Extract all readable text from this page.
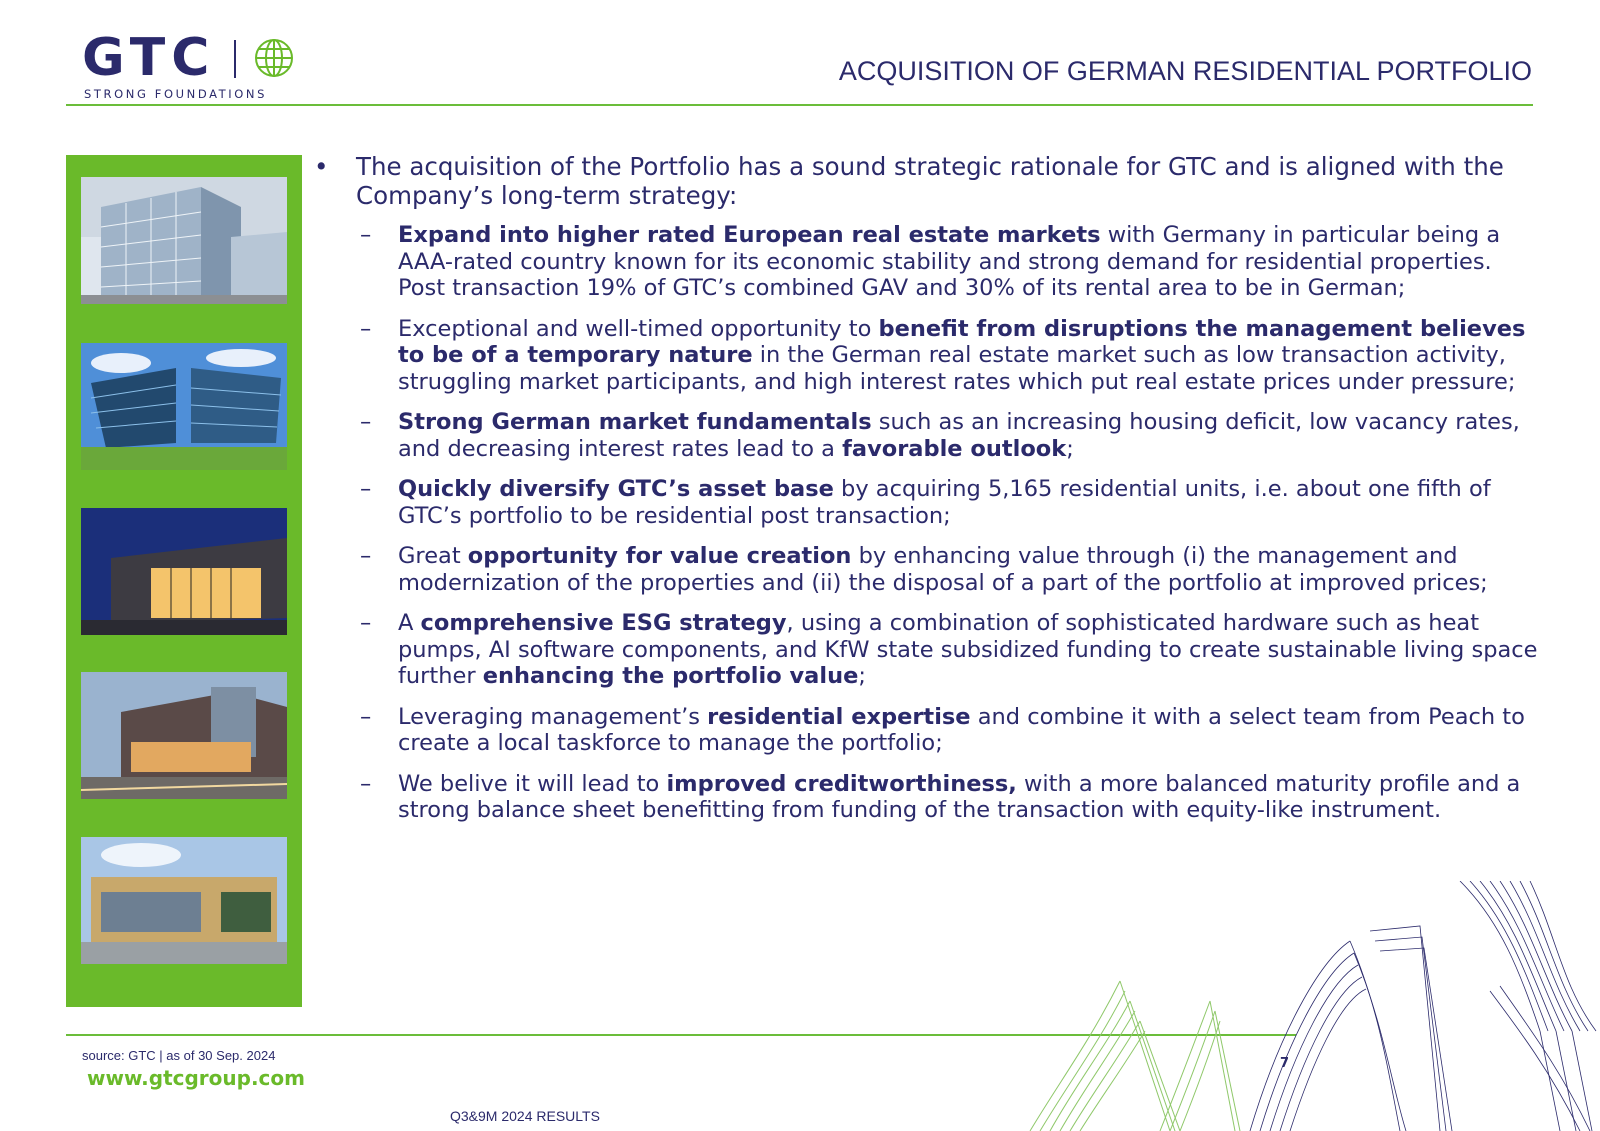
GTC
STRONG FOUNDATIONS
ACQUISITION OF GERMAN RESIDENTIAL PORTFOLIO
• The acquisition of the Portfolio has a sound strategic rationale for GTC and is aligned with the Company’s long-term strategy:
– Expand into higher rated European real estate markets with Germany in particular being a AAA-rated country known for its economic stability and strong demand for residential properties. Post transaction 19% of GTC’s combined GAV and 30% of its rental area to be in German;
– Exceptional and well-timed opportunity to benefit from disruptions the management believes to be of a temporary nature in the German real estate market such as low transaction activity, struggling market participants, and high interest rates which put real estate prices under pressure;
– Strong German market fundamentals such as an increasing housing deficit, low vacancy rates, and decreasing interest rates lead to a favorable outlook;
– Quickly diversify GTC’s asset base by acquiring 5,165 residential units, i.e. about one fifth of GTC’s portfolio to be residential post transaction;
– Great opportunity for value creation by enhancing value through (i) the management and modernization of the properties and (ii) the disposal of a part of the portfolio at improved prices;
– A comprehensive ESG strategy, using a combination of sophisticated hardware such as heat pumps, AI software components, and KfW state subsidized funding to create sustainable living space further enhancing the portfolio value;
– Leveraging management’s residential expertise and combine it with a select team from Peach to create a local taskforce to manage the portfolio;
– We belive it will lead to improved creditworthiness, with a more balanced maturity profile and a strong balance sheet benefitting from funding of the transaction with equity-like instrument.
source: GTC | as of 30 Sep. 2024
www.gtcgroup.com
Q3&9M 2024 RESULTS
7
